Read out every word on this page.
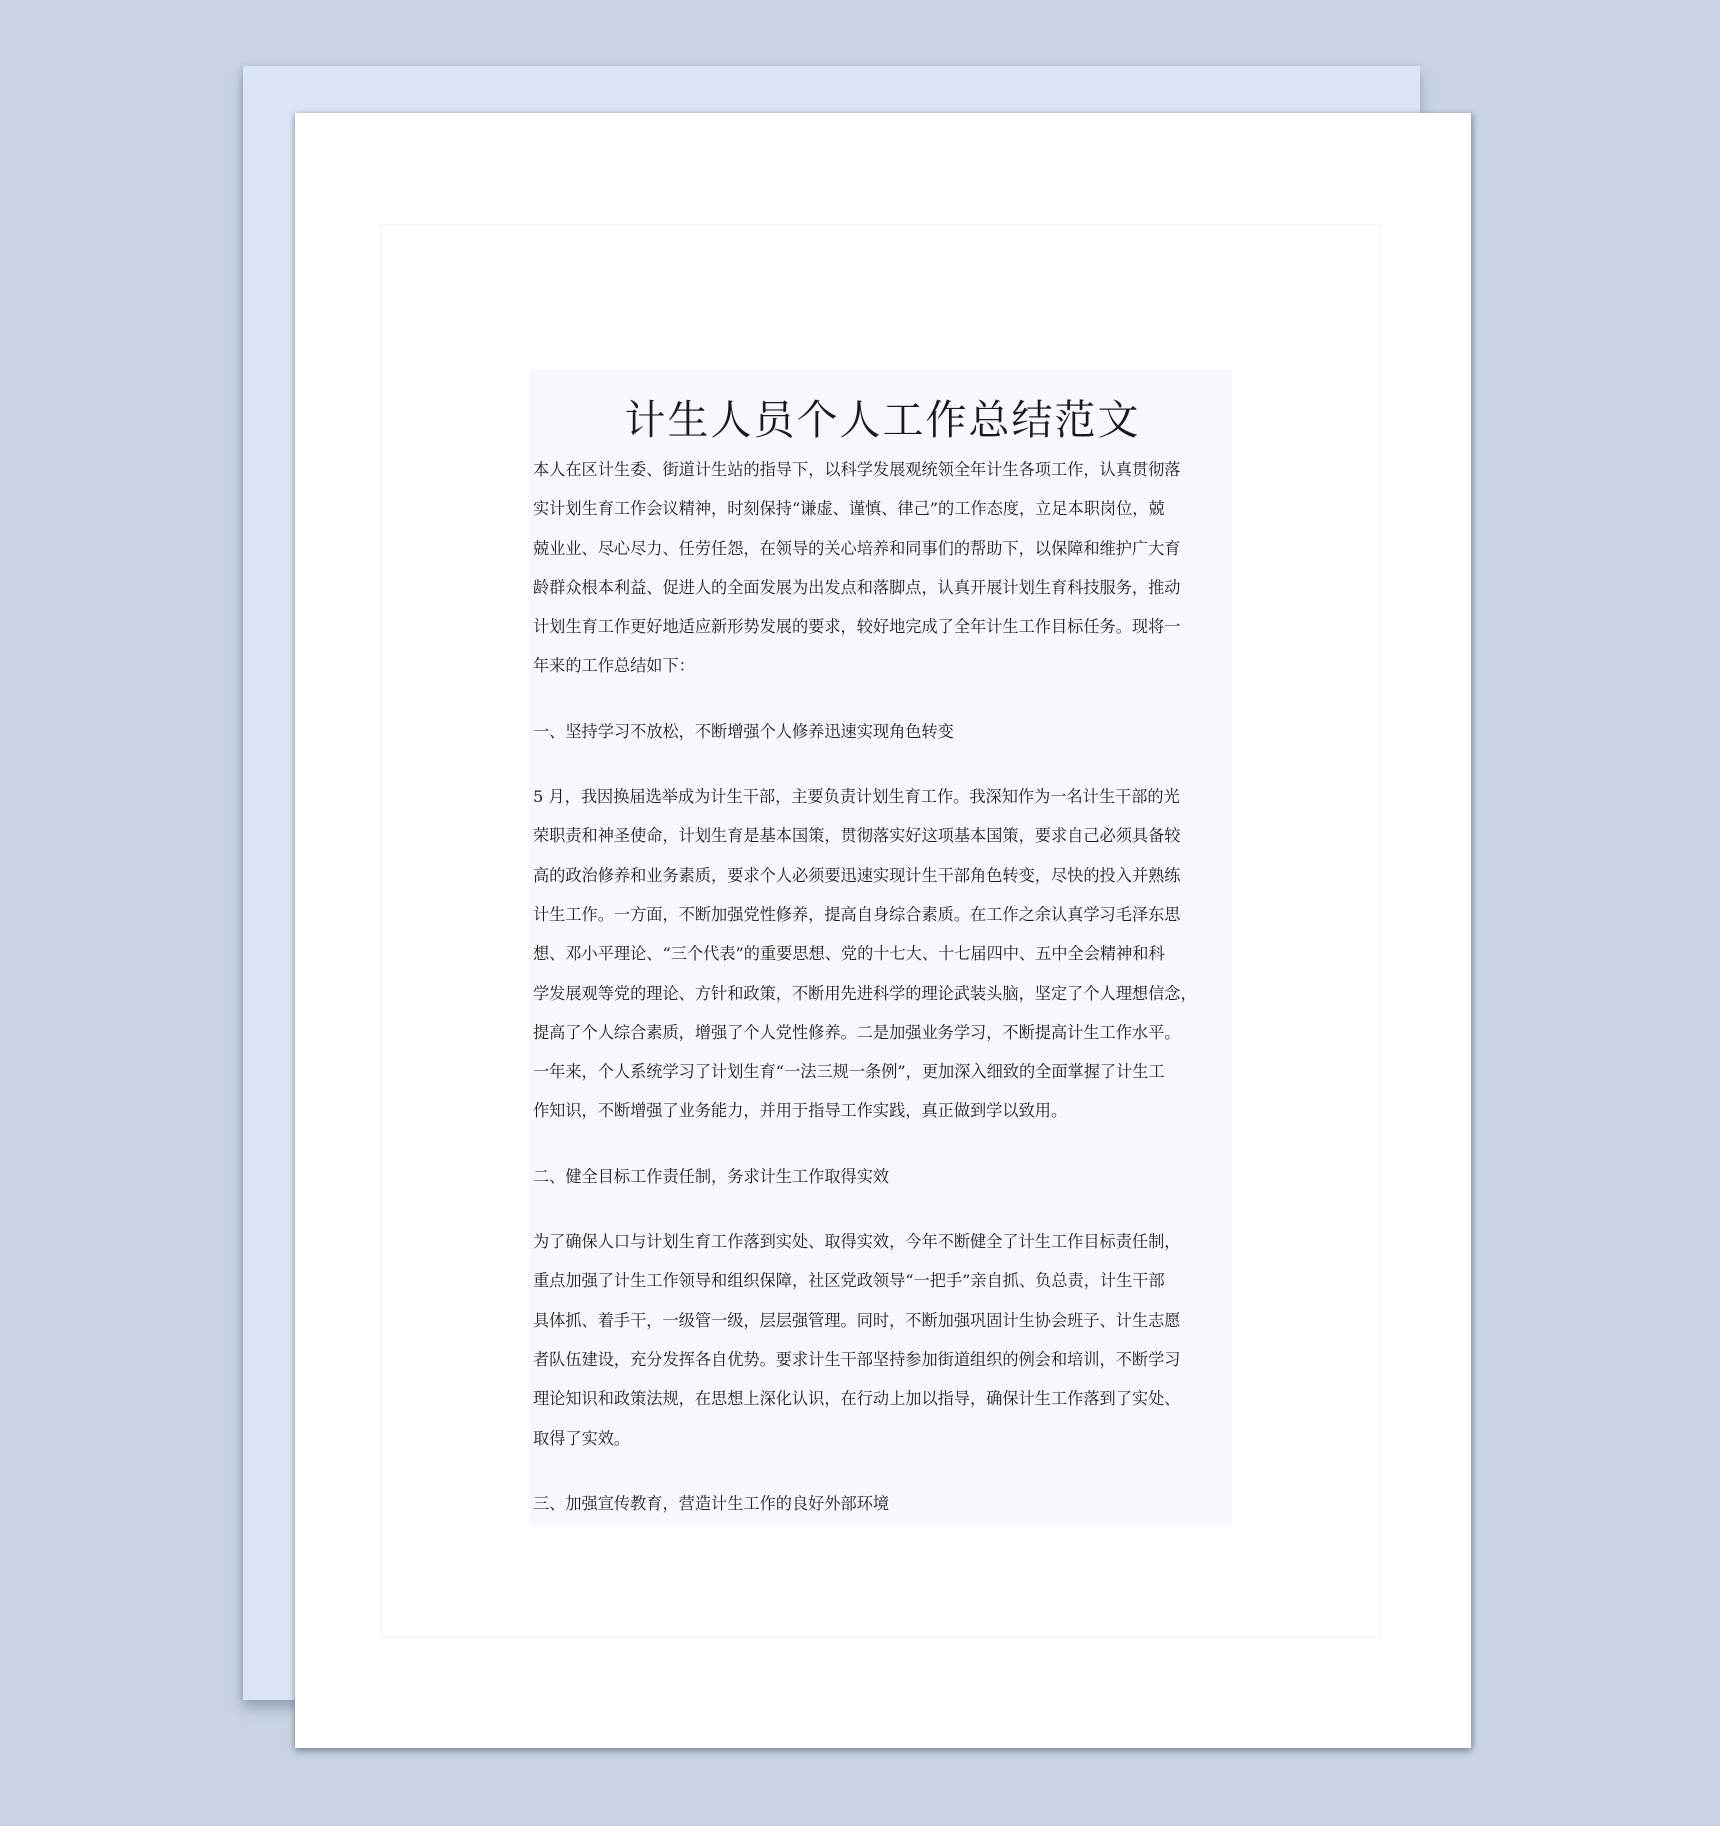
计生人员个人工作总结范文
本人在区计生委、街道计生站的指导下，以科学发展观统领全年计生各项工作，认真贯彻落
实计划生育工作会议精神，时刻保持“谦虚、谨慎、律己”的工作态度，立足本职岗位，兢
兢业业、尽心尽力、任劳任怨，在领导的关心培养和同事们的帮助下，以保障和维护广大育
龄群众根本利益、促进人的全面发展为出发点和落脚点，认真开展计划生育科技服务，推动
计划生育工作更好地适应新形势发展的要求，较好地完成了全年计生工作目标任务。现将一
年来的工作总结如下：

一、坚持学习不放松，不断增强个人修养迅速实现角色转变

5 月，我因换届选举成为计生干部，主要负责计划生育工作。我深知作为一名计生干部的光
荣职责和神圣使命，计划生育是基本国策，贯彻落实好这项基本国策，要求自己必须具备较
高的政治修养和业务素质，要求个人必须要迅速实现计生干部角色转变，尽快的投入并熟练
计生工作。一方面，不断加强党性修养，提高自身综合素质。在工作之余认真学习毛泽东思
想、邓小平理论、“三个代表”的重要思想、党的十七大、十七届四中、五中全会精神和科
学发展观等党的理论、方针和政策，不断用先进科学的理论武装头脑，坚定了个人理想信念，
提高了个人综合素质，增强了个人党性修养。二是加强业务学习，不断提高计生工作水平。
一年来，个人系统学习了计划生育“一法三规一条例”，更加深入细致的全面掌握了计生工
作知识，不断增强了业务能力，并用于指导工作实践，真正做到学以致用。

二、健全目标工作责任制，务求计生工作取得实效

为了确保人口与计划生育工作落到实处、取得实效，今年不断健全了计生工作目标责任制，
重点加强了计生工作领导和组织保障，社区党政领导“一把手”亲自抓、负总责，计生干部
具体抓、着手干，一级管一级，层层强管理。同时，不断加强巩固计生协会班子、计生志愿
者队伍建设，充分发挥各自优势。要求计生干部坚持参加街道组织的例会和培训，不断学习
理论知识和政策法规，在思想上深化认识，在行动上加以指导，确保计生工作落到了实处、
取得了实效。

三、加强宣传教育，营造计生工作的良好外部环境
